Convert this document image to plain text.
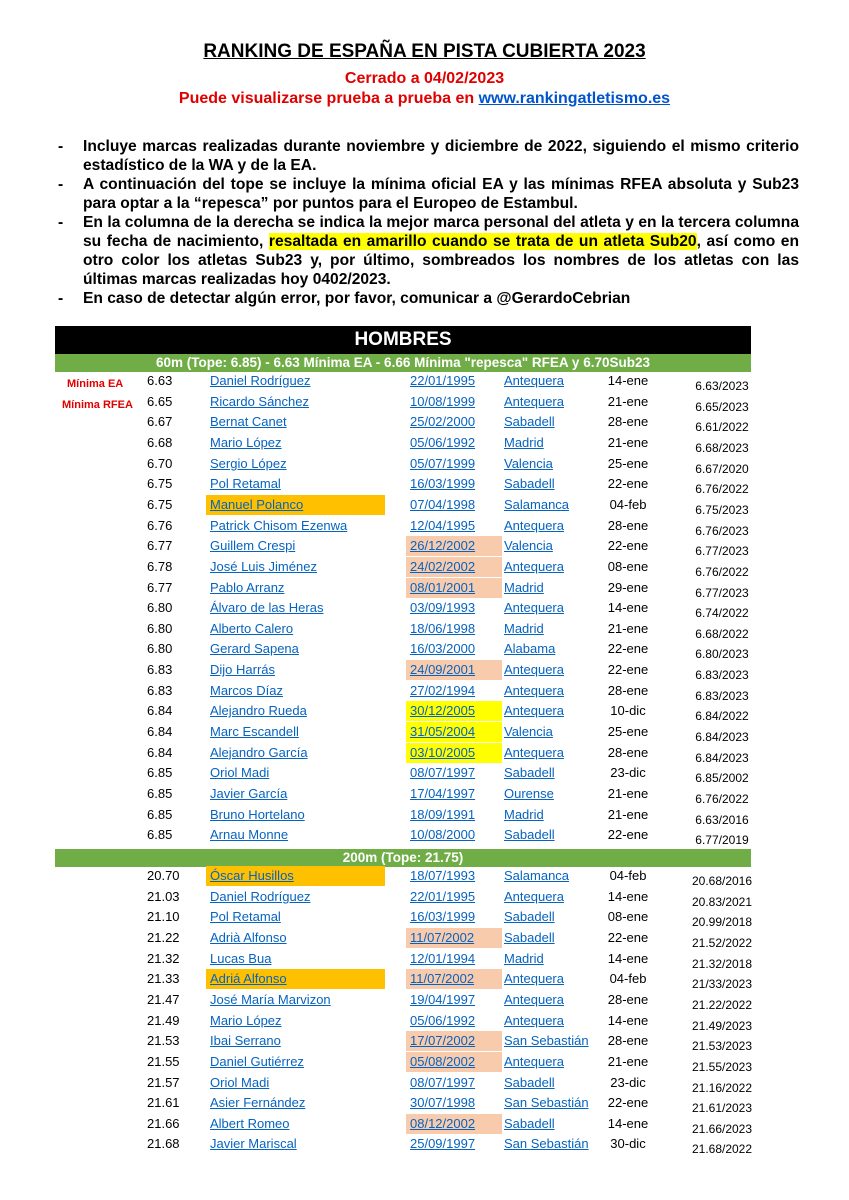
RANKING DE ESPAÑA EN PISTA CUBIERTA 2023
Cerrado a 04/02/2023
Puede visualizarse prueba a prueba en www.rankingatletismo.es
- Incluye marcas realizadas durante noviembre y diciembre de 2022, siguiendo el mismo criterio estadístico de la WA y de la EA.
- A continuación del tope se incluye la mínima oficial EA y las mínimas RFEA absoluta y Sub23 para optar a la “repesca” por puntos para el Europeo de Estambul.
- En la columna de la derecha se indica la mejor marca personal del atleta y en la tercera columna su fecha de nacimiento, resaltada en amarillo cuando se trata de un atleta Sub20, así como en otro color los atletas Sub23 y, por último, sombreados los nombres de los atletas con las últimas marcas realizadas hoy 0402/2023.
- En caso de detectar algún error, por favor, comunicar a @GerardoCebrian
HOMBRES
60m (Tope: 6.85) - 6.63 Mínima EA - 6.66 Mínima "repesca" RFEA y 6.70Sub23
Mínima EA
Mínima RFEA
200m (Tope: 21.75)
6.63	Daniel Rodríguez	22/01/1995	Antequera	14-ene	6.63/2023
6.65	Ricardo Sánchez	10/08/1999	Antequera	21-ene	6.65/2023
6.67	Bernat Canet	25/02/2000	Sabadell	28-ene	6.61/2022
6.68	Mario López	05/06/1992	Madrid	21-ene	6.68/2023
6.70	Sergio López	05/07/1999	Valencia	25-ene	6.67/2020
6.75	Pol Retamal	16/03/1999	Sabadell	22-ene	6.76/2022
6.75	Manuel Polanco	07/04/1998	Salamanca	04-feb	6.75/2023
6.76	Patrick Chisom Ezenwa	12/04/1995	Antequera	28-ene	6.76/2023
6.77	Guillem Crespi	26/12/2002	Valencia	22-ene	6.77/2023
6.78	José Luis Jiménez	24/02/2002	Antequera	08-ene	6.76/2022
6.77	Pablo Arranz	08/01/2001	Madrid	29-ene	6.77/2023
6.80	Álvaro de las Heras	03/09/1993	Antequera	14-ene	6.74/2022
6.80	Alberto Calero	18/06/1998	Madrid	21-ene	6.68/2022
6.80	Gerard Sapena	16/03/2000	Alabama	22-ene	6.80/2023
6.83	Dijo Harrás	24/09/2001	Antequera	22-ene	6.83/2023
6.83	Marcos Díaz	27/02/1994	Antequera	28-ene	6.83/2023
6.84	Alejandro Rueda	30/12/2005	Antequera	10-dic	6.84/2022
6.84	Marc Escandell	31/05/2004	Valencia	25-ene	6.84/2023
6.84	Alejandro García	03/10/2005	Antequera	28-ene	6.84/2023
6.85	Oriol Madi	08/07/1997	Sabadell	23-dic	6.85/2002
6.85	Javier García	17/04/1997	Ourense	21-ene	6.76/2022
6.85	Bruno Hortelano	18/09/1991	Madrid	21-ene	6.63/2016
6.85	Arnau Monne	10/08/2000	Sabadell	22-ene	6.77/2019
20.70	Óscar Husillos	18/07/1993	Salamanca	04-feb	20.68/2016
21.03	Daniel Rodríguez	22/01/1995	Antequera	14-ene	20.83/2021
21.10	Pol Retamal	16/03/1999	Sabadell	08-ene	20.99/2018
21.22	Adrià Alfonso	11/07/2002	Sabadell	22-ene	21.52/2022
21.32	Lucas Bua	12/01/1994	Madrid	14-ene	21.32/2018
21.33	Adriá Alfonso	11/07/2002	Antequera	04-feb	21/33/2023
21.47	José María Marvizon	19/04/1997	Antequera	28-ene	21.22/2022
21.49	Mario López	05/06/1992	Antequera	14-ene	21.49/2023
21.53	Ibai Serrano	17/07/2002	San Sebastián	28-ene	21.53/2023
21.55	Daniel Gutiérrez	05/08/2002	Antequera	21-ene	21.55/2023
21.57	Oriol Madi	08/07/1997	Sabadell	23-dic	21.16/2022
21.61	Asier Fernández	30/07/1998	San Sebastián	22-ene	21.61/2023
21.66	Albert Romeo	08/12/2002	Sabadell	14-ene	21.66/2023
21.68	Javier Mariscal	25/09/1997	San Sebastián	30-dic	21.68/2022
